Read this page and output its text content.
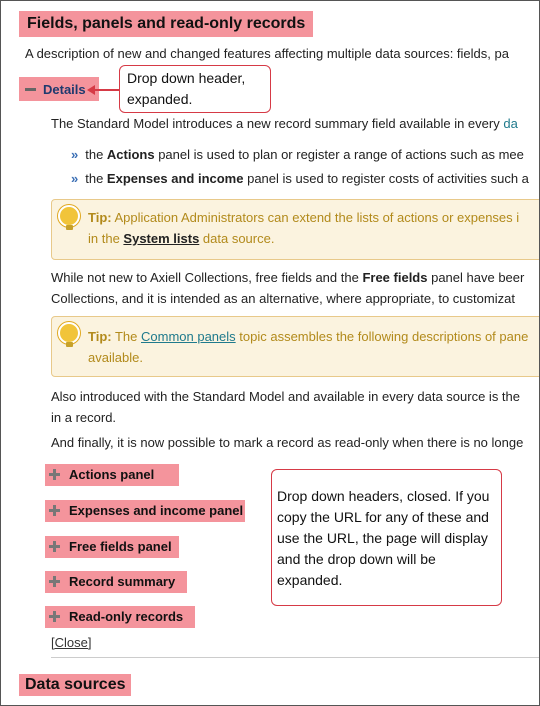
Fields, panels and read-only records
A description of new and changed features affecting multiple data sources: fields, pa
Details
Drop down header, expanded.
The Standard Model introduces a new record summary field available in every da
» the Actions panel is used to plan or register a range of actions such as mee
» the Expenses and income panel is used to register costs of activities such a
Tip: Application Administrators can extend the lists of actions or expenses i
in the System lists data source.
While not new to Axiell Collections, free fields and the Free fields panel have beer
Collections, and it is intended as an alternative, where appropriate, to customizat
Tip: The Common panels topic assembles the following descriptions of pane
available.
Also introduced with the Standard Model and available in every data source is the
in a record.
And finally, it is now possible to mark a record as read-only when there is no longe
Actions panel
Expenses and income panel
Free fields panel
Record summary
Read-only records
Drop down headers, closed. If you copy the URL for any of these and use the URL, the page will display and the drop down will be expanded.
[Close]
Data sources
